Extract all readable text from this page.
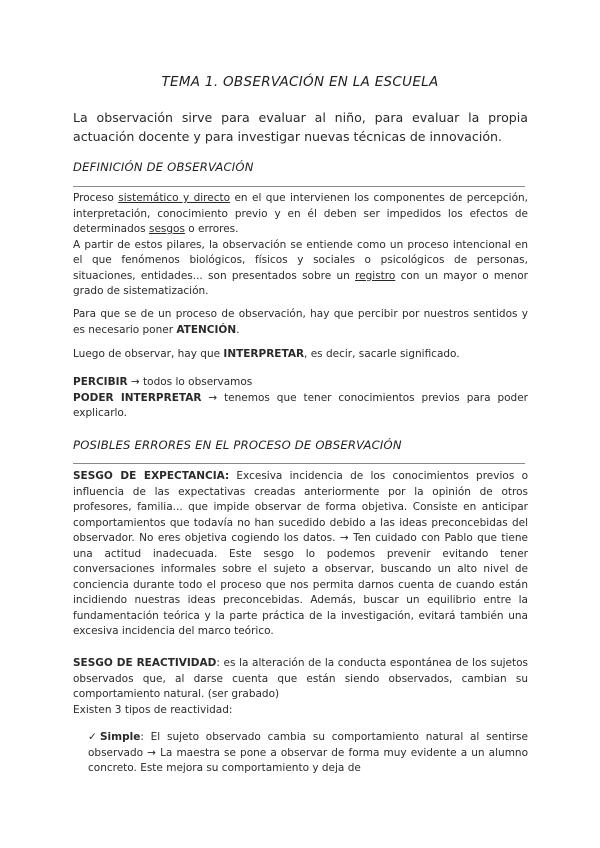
TEMA 1. OBSERVACIÓN EN LA ESCUELA
La observación sirve para evaluar al niño, para evaluar la propia actuación docente y para investigar nuevas técnicas de innovación.
DEFINICIÓN DE OBSERVACIÓN

Proceso sistemático y directo en el que intervienen los componentes de percepción, interpretación, conocimiento previo y en él deben ser impedidos los efectos de determinados sesgos o errores.

A partir de estos pilares, la observación se entiende como un proceso intencional en el que fenómenos biológicos, físicos y sociales o psicológicos de personas, situaciones, entidades... son presentados sobre un registro con un mayor o menor grado de sistematización.

Para que se de un proceso de observación, hay que percibir por nuestros sentidos y es necesario poner ATENCIÓN.

Luego de observar, hay que INTERPRETAR, es decir, sacarle significado.

PERCIBIR → todos lo observamos

PODER INTERPRETAR → tenemos que tener conocimientos previos para poder explicarlo.

POSIBLES ERRORES EN EL PROCESO DE OBSERVACIÓN

SESGO DE EXPECTANCIA: Excesiva incidencia de los conocimientos previos o influencia de las expectativas creadas anteriormente por la opinión de otros profesores, familia... que impide observar de forma objetiva. Consiste en anticipar comportamientos que todavía no han sucedido debido a las ideas preconcebidas del observador. No eres objetiva cogiendo los datos. → Ten cuidado con Pablo que tiene una actitud inadecuada. Este sesgo lo podemos prevenir evitando tener conversaciones informales sobre el sujeto a observar, buscando un alto nivel de conciencia durante todo el proceso que nos permita darnos cuenta de cuando están incidiendo nuestras ideas preconcebidas. Además, buscar un equilibrio entre la fundamentación teórica y la parte práctica de la investigación, evitará también una excesiva incidencia del marco teórico.

SESGO DE REACTIVIDAD: es la alteración de la conducta espontánea de los sujetos observados que, al darse cuenta que están siendo observados, cambian su comportamiento natural. (ser grabado)

Existen 3 tipos de reactividad:

✓ Simple: El sujeto observado cambia su comportamiento natural al sentirse observado → La maestra se pone a observar de forma muy evidente a un alumno concreto. Este mejora su comportamiento y deja de
